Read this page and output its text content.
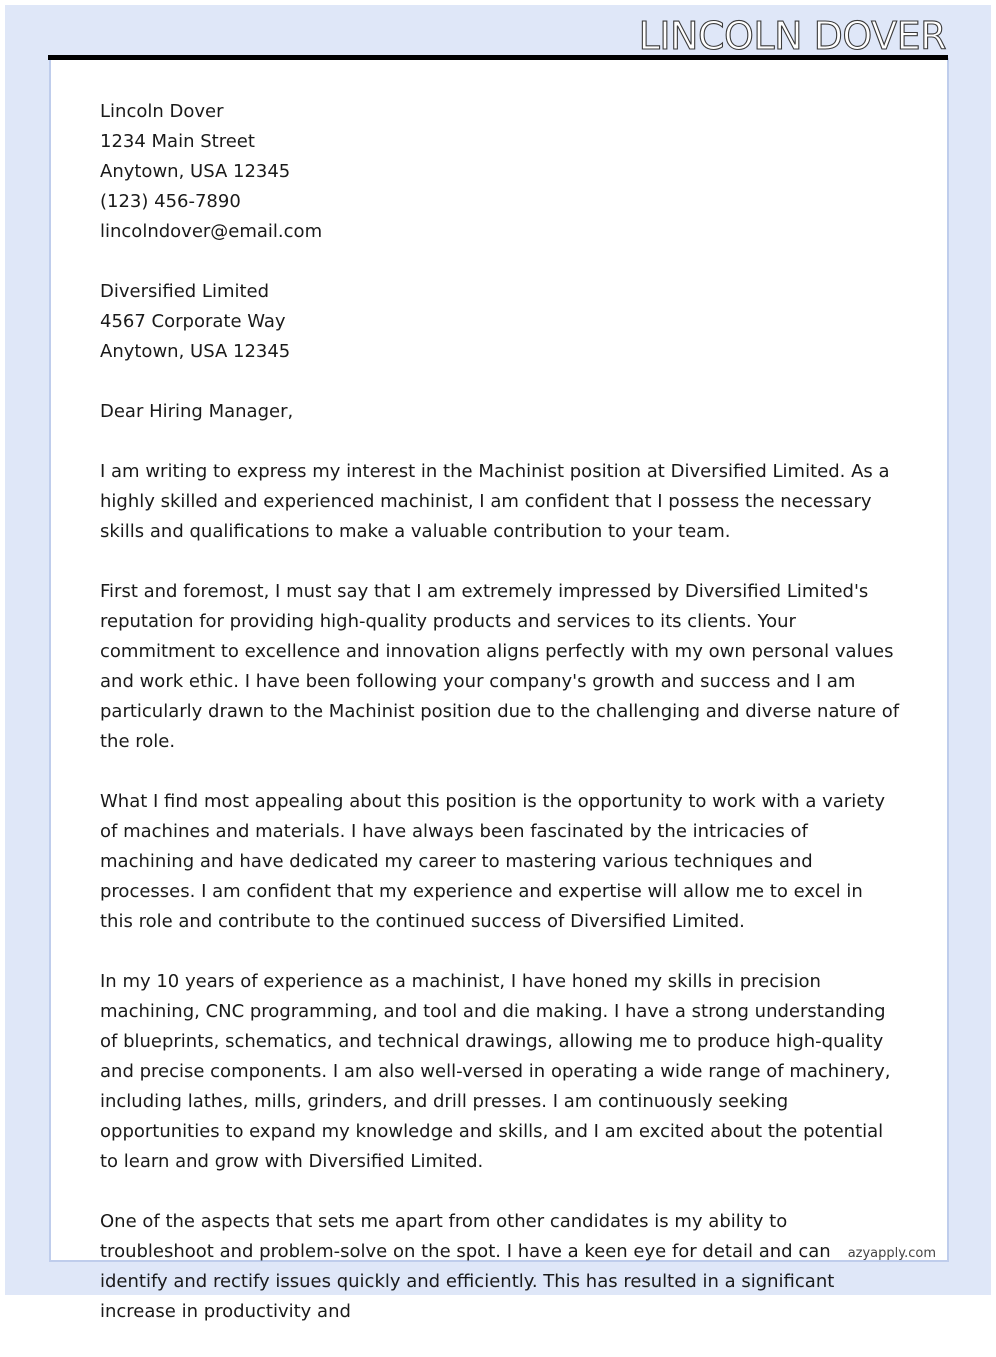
LINCOLN DOVER
Lincoln Dover
1234 Main Street
Anytown, USA 12345
(123) 456-7890
lincolndover@email.com
Diversified Limited
4567 Corporate Way
Anytown, USA 12345
Dear Hiring Manager,

I am writing to express my interest in the Machinist position at Diversified Limited. As a highly skilled and experienced machinist, I am confident that I possess the necessary skills and qualifications to make a valuable contribution to your team.

First and foremost, I must say that I am extremely impressed by Diversified Limited's reputation for providing high-quality products and services to its clients. Your commitment to excellence and innovation aligns perfectly with my own personal values and work ethic. I have been following your company's growth and success and I am particularly drawn to the Machinist position due to the challenging and diverse nature of the role.

What I find most appealing about this position is the opportunity to work with a variety of machines and materials. I have always been fascinated by the intricacies of machining and have dedicated my career to mastering various techniques and processes. I am confident that my experience and expertise will allow me to excel in this role and contribute to the continued success of Diversified Limited.

In my 10 years of experience as a machinist, I have honed my skills in precision machining, CNC programming, and tool and die making. I have a strong understanding of blueprints, schematics, and technical drawings, allowing me to produce high-quality and precise components. I am also well-versed in operating a wide range of machinery, including lathes, mills, grinders, and drill presses. I am continuously seeking opportunities to expand my knowledge and skills, and I am excited about the potential to learn and grow with Diversified Limited.

One of the aspects that sets me apart from other candidates is my ability to troubleshoot and problem-solve on the spot. I have a keen eye for detail and can identify and rectify issues quickly and efficiently. This has resulted in a significant increase in productivity and

azyapply.com
